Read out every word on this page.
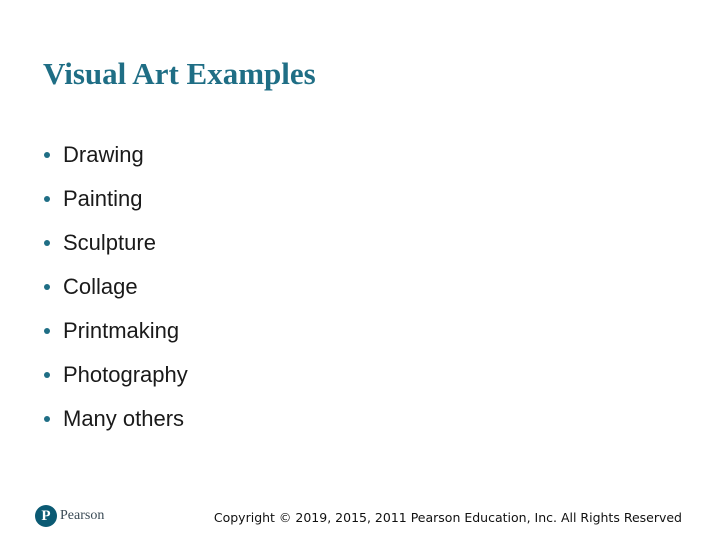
Visual Art Examples
Drawing
Painting
Sculpture
Collage
Printmaking
Photography
Many others
P Pearson	Copyright © 2019, 2015, 2011 Pearson Education, Inc. All Rights Reserved
